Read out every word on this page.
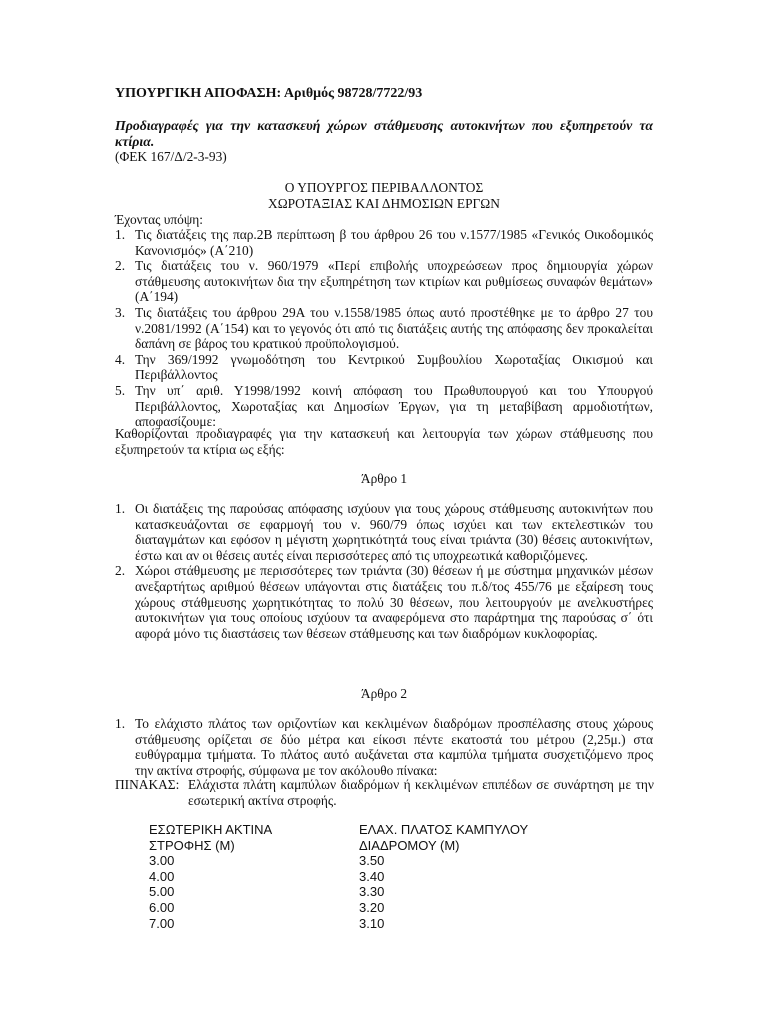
ΥΠΟΥΡΓΙΚΗ ΑΠΟΦΑΣΗ: Αριθμός 98728/7722/93
Προδιαγραφές για την κατασκευή χώρων στάθμευσης αυτοκινήτων που εξυπηρετούν τα κτίρια.
(ΦΕΚ 167/Δ/2-3-93)
Ο ΥΠΟΥΡΓΟΣ ΠΕΡΙΒΑΛΛΟΝΤΟΣ
ΧΩΡΟΤΑΞΙΑΣ ΚΑΙ ΔΗΜΟΣΙΩΝ ΕΡΓΩΝ
Έχοντας υπόψη:
1. Τις διατάξεις της παρ.2Β περίπτωση β του άρθρου 26 του ν.1577/1985 «Γενικός Οικοδομικός Κανονισμός» (Α΄210)
2. Τις διατάξεις του ν. 960/1979 «Περί επιβολής υποχρεώσεων προς δημιουργία χώρων στάθμευσης αυτοκινήτων δια την εξυπηρέτηση των κτιρίων και ρυθμίσεως συναφών θεμάτων» (Α΄194)
3. Τις διατάξεις του άρθρου 29Α του ν.1558/1985 όπως αυτό προστέθηκε με το άρθρο 27 του ν.2081/1992 (Α΄154) και το γεγονός ότι από τις διατάξεις αυτής της απόφασης δεν προκαλείται δαπάνη σε βάρος του κρατικού προϋπολογισμού.
4. Την 369/1992 γνωμοδότηση του Κεντρικού Συμβουλίου Χωροταξίας Οικισμού και Περιβάλλοντος
5. Την υπ΄ αριθ. Υ1998/1992 κοινή απόφαση του Πρωθυπουργού και του Υπουργού Περιβάλλοντος, Χωροταξίας και Δημοσίων Έργων, για τη μεταβίβαση αρμοδιοτήτων, αποφασίζουμε:
Καθορίζονται προδιαγραφές για την κατασκευή και λειτουργία των χώρων στάθμευσης που εξυπηρετούν τα κτίρια ως εξής:
Άρθρο 1
1. Οι διατάξεις της παρούσας απόφασης ισχύουν για τους χώρους στάθμευσης αυτοκινήτων που κατασκευάζονται σε εφαρμογή του ν. 960/79 όπως ισχύει και των εκτελεστικών του διαταγμάτων και εφόσον η μέγιστη χωρητικότητά τους είναι τριάντα (30) θέσεις αυτοκινήτων, έστω και αν οι θέσεις αυτές είναι περισσότερες από τις υποχρεωτικά καθοριζόμενες.
2. Χώροι στάθμευσης με περισσότερες των τριάντα (30) θέσεων ή με σύστημα μηχανικών μέσων ανεξαρτήτως αριθμού θέσεων υπάγονται στις διατάξεις του π.δ/τος 455/76 με εξαίρεση τους χώρους στάθμευσης χωρητικότητας το πολύ 30 θέσεων, που λειτουργούν με ανελκυστήρες αυτοκινήτων για τους οποίους ισχύουν τα αναφερόμενα στο παράρτημα της παρούσας σ΄ ότι αφορά μόνο τις διαστάσεις των θέσεων στάθμευσης και των διαδρόμων κυκλοφορίας.
Άρθρο 2
1. Το ελάχιστο πλάτος των οριζοντίων και κεκλιμένων διαδρόμων προσπέλασης στους χώρους στάθμευσης ορίζεται σε δύο μέτρα και είκοσι πέντε εκατοστά του μέτρου (2,25μ.) στα ευθύγραμμα τμήματα. Το πλάτος αυτό αυξάνεται στα καμπύλα τμήματα συσχετιζόμενο προς την ακτίνα στροφής, σύμφωνα με τον ακόλουθο πίνακα:
ΠΙΝΑΚΑΣ: Ελάχιστα πλάτη καμπύλων διαδρόμων ή κεκλιμένων επιπέδων σε συνάρτηση με την εσωτερική ακτίνα στροφής.
ΕΣΩΤΕΡΙΚΗ ΑΚΤΙΝΑ	ΕΛΑΧ. ΠΛΑΤΟΣ ΚΑΜΠΥΛΟΥ
ΣΤΡΟΦΗΣ (Μ)	ΔΙΑΔΡΟΜΟΥ (Μ)
3.00	3.50
4.00	3.40
5.00	3.30
6.00	3.20
7.00	3.10
